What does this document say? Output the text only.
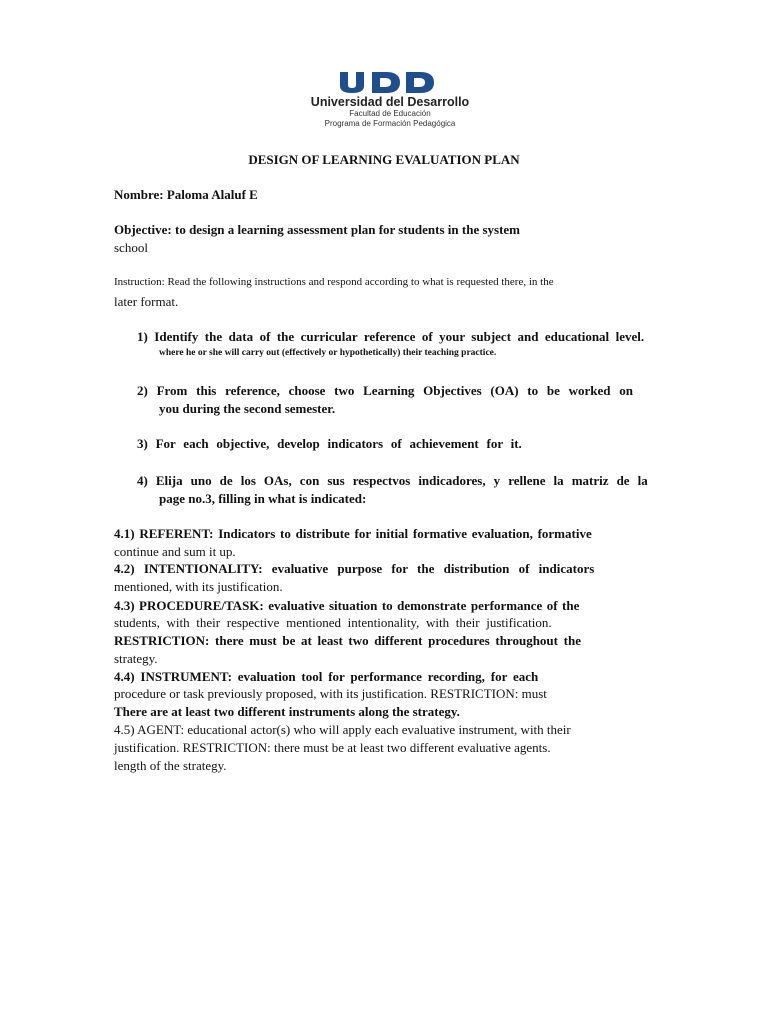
Universidad del Desarrollo
Facultad de Educación
Programa de Formación Pedagógica
DESIGN OF LEARNING EVALUATION PLAN
Nombre: Paloma Alaluf E
Objective: to design a learning assessment plan for students in the system
school
Instruction: Read the following instructions and respond according to what is requested there, in the
later format.
1) Identify the data of the curricular reference of your subject and educational level.
where he or she will carry out (effectively or hypothetically) their teaching practice.
2) From this reference, choose two Learning Objectives (OA) to be worked on
you during the second semester.
3) For each objective, develop indicators of achievement for it.
4) Elija uno de los OAs, con sus respectvos indicadores, y rellene la matriz de la
page no.3, filling in what is indicated:
4.1) REFERENT: Indicators to distribute for initial formative evaluation, formative
continue and sum it up.
4.2) INTENTIONALITY: evaluative purpose for the distribution of indicators
mentioned, with its justification.
4.3) PROCEDURE/TASK: evaluative situation to demonstrate performance of the
students, with their respective mentioned intentionality, with their justification.
RESTRICTION: there must be at least two different procedures throughout the
strategy.
4.4) INSTRUMENT: evaluation tool for performance recording, for each
procedure or task previously proposed, with its justification. RESTRICTION: must
There are at least two different instruments along the strategy.
4.5) AGENT: educational actor(s) who will apply each evaluative instrument, with their
justification. RESTRICTION: there must be at least two different evaluative agents.
length of the strategy.
